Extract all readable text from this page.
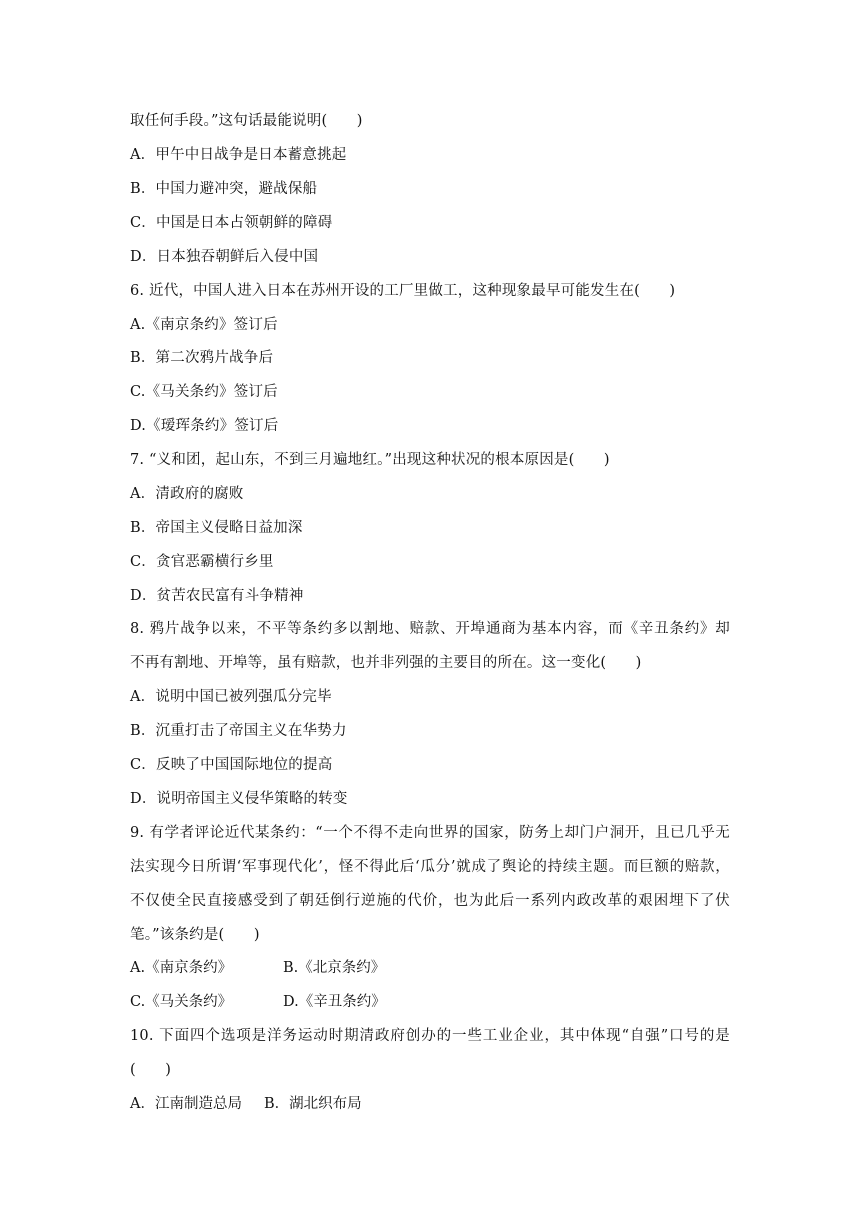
取任何手段。”这句话最能说明(　　)
A．甲午中日战争是日本蓄意挑起
B．中国力避冲突，避战保船
C．中国是日本占领朝鲜的障碍
D．日本独吞朝鲜后入侵中国
6. 近代，中国人进入日本在苏州开设的工厂里做工，这种现象最早可能发生在(　　)
A.《南京条约》签订后
B．第二次鸦片战争后
C.《马关条约》签订后
D.《瑷珲条约》签订后
7. “义和团，起山东，不到三月遍地红。”出现这种状况的根本原因是(　　)
A．清政府的腐败
B．帝国主义侵略日益加深
C．贪官恶霸横行乡里
D．贫苦农民富有斗争精神
8. 鸦片战争以来，不平等条约多以割地、赔款、开埠通商为基本内容，而《辛丑条约》却
不再有割地、开埠等，虽有赔款，也并非列强的主要目的所在。这一变化(　　)
A．说明中国已被列强瓜分完毕
B．沉重打击了帝国主义在华势力
C．反映了中国国际地位的提高
D．说明帝国主义侵华策略的转变
9. 有学者评论近代某条约：“一个不得不走向世界的国家，防务上却门户洞开，且已几乎无
法实现今日所谓‘军事现代化’，怪不得此后‘瓜分’就成了舆论的持续主题。而巨额的赔款，
不仅使全民直接感受到了朝廷倒行逆施的代价，也为此后一系列内政改革的艰困埋下了伏
笔。”该条约是(　　)
A.《南京条约》	B.《北京条约》
C.《马关条约》	D.《辛丑条约》
10. 下面四个选项是洋务运动时期清政府创办的一些工业企业，其中体现“自强”口号的是
(　　)
A．江南制造总局 B．湖北织布局
